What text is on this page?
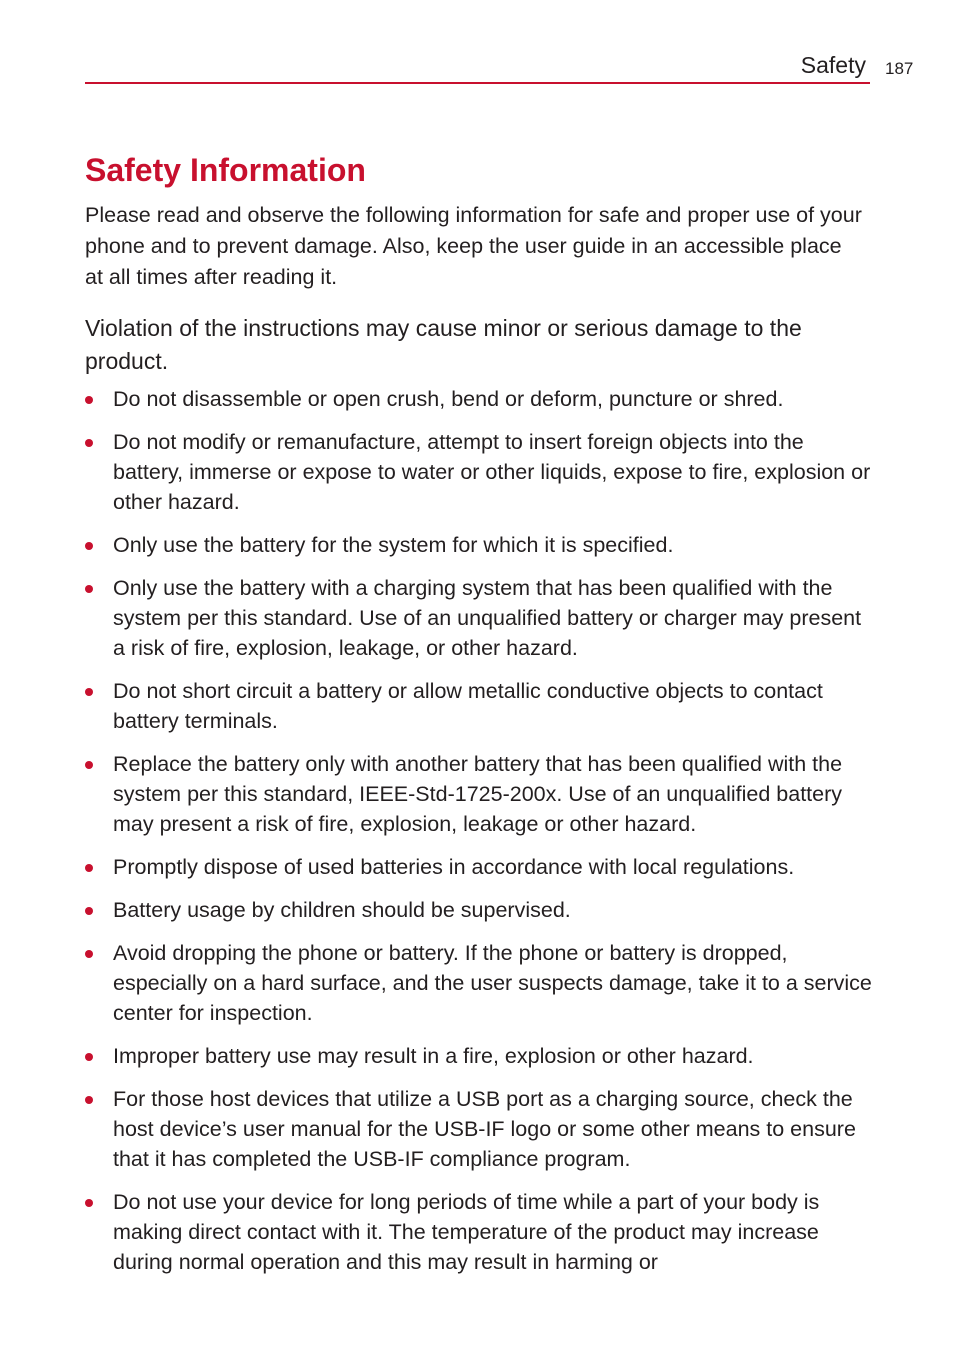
Safety 187
Safety Information

Please read and observe the following information for safe and proper use of your phone and to prevent damage. Also, keep the user guide in an accessible place at all times after reading it.

Violation of the instructions may cause minor or serious damage to the product.
Do not disassemble or open crush, bend or deform, puncture or shred.
Do not modify or remanufacture, attempt to insert foreign objects into the battery, immerse or expose to water or other liquids, expose to fire, explosion or other hazard.
Only use the battery for the system for which it is specified.
Only use the battery with a charging system that has been qualified with the system per this standard. Use of an unqualified battery or charger may present a risk of fire, explosion, leakage, or other hazard.
Do not short circuit a battery or allow metallic conductive objects to contact battery terminals.
Replace the battery only with another battery that has been qualified with the system per this standard, IEEE-Std-1725-200x. Use of an unqualified battery may present a risk of fire, explosion, leakage or other hazard.
Promptly dispose of used batteries in accordance with local regulations.
Battery usage by children should be supervised.
Avoid dropping the phone or battery. If the phone or battery is dropped, especially on a hard surface, and the user suspects damage, take it to a service center for inspection.
Improper battery use may result in a fire, explosion or other hazard.
For those host devices that utilize a USB port as a charging source, check the host device’s user manual for the USB-IF logo or some other means to ensure that it has completed the USB-IF compliance program.
Do not use your device for long periods of time while a part of your body is making direct contact with it. The temperature of the product may increase during normal operation and this may result in harming or
